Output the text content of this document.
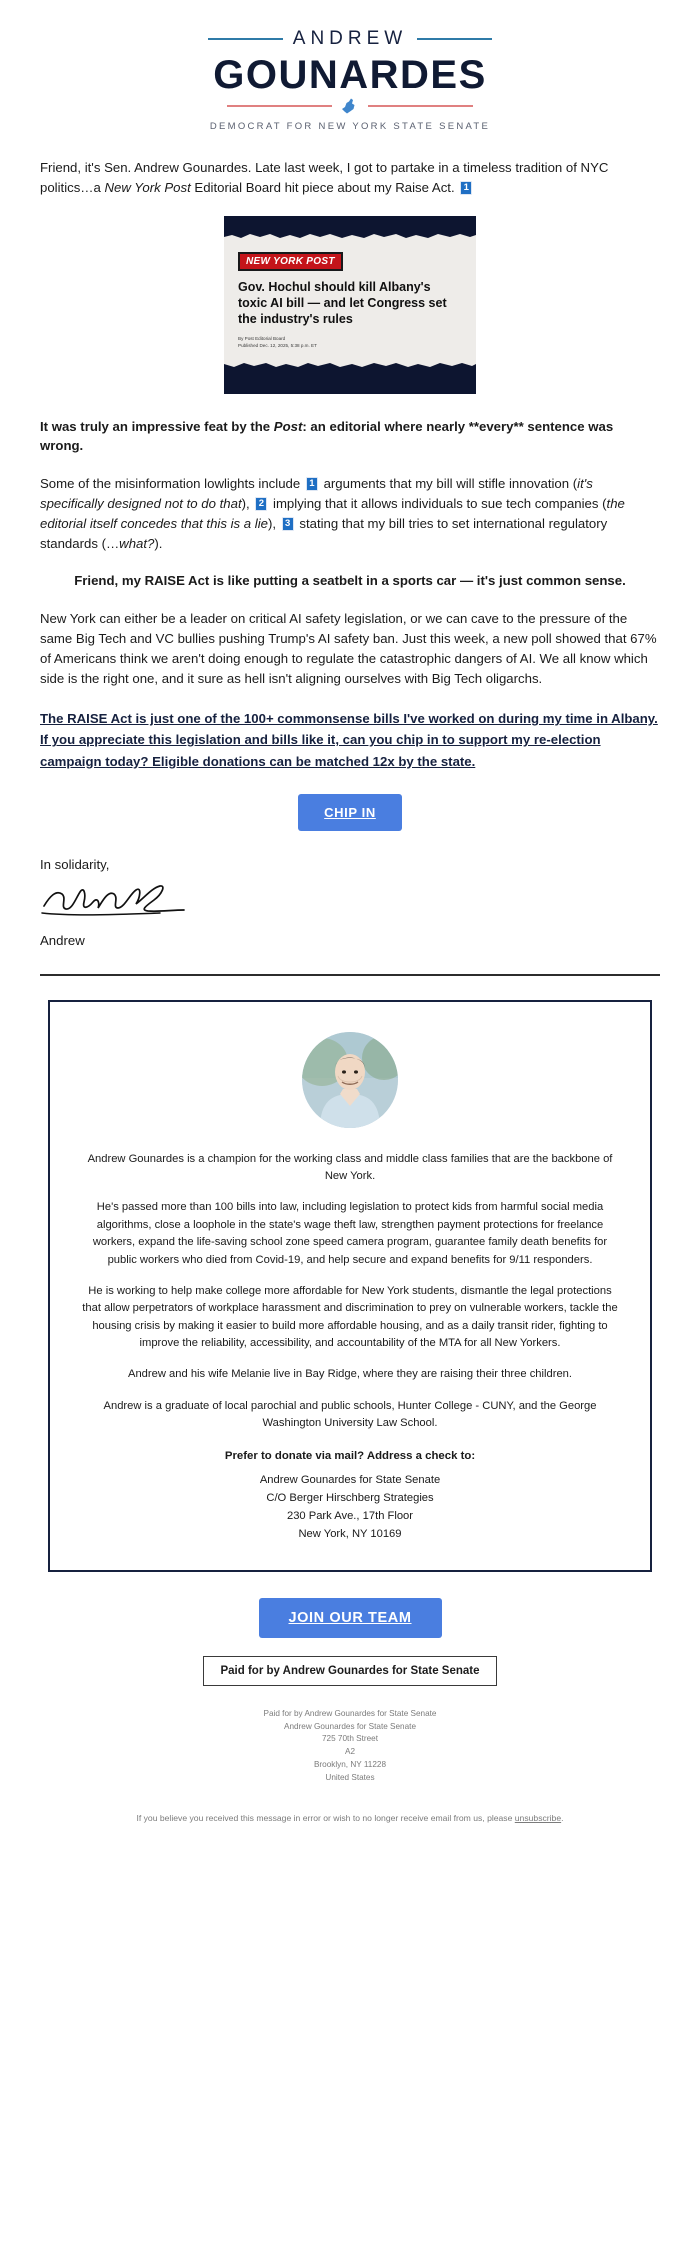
ANDREW
GOUNARDES
DEMOCRAT FOR NEW YORK STATE SENATE

Friend, it's Sen. Andrew Gounardes. Late last week, I got to partake in a timeless tradition of NYC politics…a New York Post Editorial Board hit piece about my Raise Act. 1

NEW YORK POST
Gov. Hochul should kill Albany's toxic AI bill — and let Congress set the industry's rules
By Post Editorial Board
Published Dec. 12, 2025, 5:38 p.m. ET

It was truly an impressive feat by the Post: an editorial where nearly **every** sentence was wrong.

Some of the misinformation lowlights include 1 arguments that my bill will stifle innovation (it's specifically designed not to do that), 2 implying that it allows individuals to sue tech companies (the editorial itself concedes that this is a lie), 3 stating that my bill tries to set international regulatory standards (…what?).

Friend, my RAISE Act is like putting a seatbelt in a sports car — it's just common sense.

New York can either be a leader on critical AI safety legislation, or we can cave to the pressure of the same Big Tech and VC bullies pushing Trump's AI safety ban. Just this week, a new poll showed that 67% of Americans think we aren't doing enough to regulate the catastrophic dangers of AI. We all know which side is the right one, and it sure as hell isn't aligning ourselves with Big Tech oligarchs.

The RAISE Act is just one of the 100+ commonsense bills I've worked on during my time in Albany. If you appreciate this legislation and bills like it, can you chip in to support my re-election campaign today? Eligible donations can be matched 12x by the state.

CHIP IN

In solidarity,

Andrew

Andrew Gounardes is a champion for the working class and middle class families that are the backbone of New York.

He's passed more than 100 bills into law, including legislation to protect kids from harmful social media algorithms, close a loophole in the state's wage theft law, strengthen payment protections for freelance workers, expand the life-saving school zone speed camera program, guarantee family death benefits for public workers who died from Covid-19, and help secure and expand benefits for 9/11 responders.

He is working to help make college more affordable for New York students, dismantle the legal protections that allow perpetrators of workplace harassment and discrimination to prey on vulnerable workers, tackle the housing crisis by making it easier to build more affordable housing, and as a daily transit rider, fighting to improve the reliability, accessibility, and accountability of the MTA for all New Yorkers.

Andrew and his wife Melanie live in Bay Ridge, where they are raising their three children.

Andrew is a graduate of local parochial and public schools, Hunter College - CUNY, and the George Washington University Law School.

Prefer to donate via mail? Address a check to:

Andrew Gounardes for State Senate

C/O Berger Hirschberg Strategies

230 Park Ave., 17th Floor

New York, NY 10169

JOIN OUR TEAM
Paid for by Andrew Gounardes for State Senate
Paid for by Andrew Gounardes for State Senate
Andrew Gounardes for State Senate
725 70th Street
A2
Brooklyn, NY 11228
United States
If you believe you received this message in error or wish to no longer receive email from us, please unsubscribe.
